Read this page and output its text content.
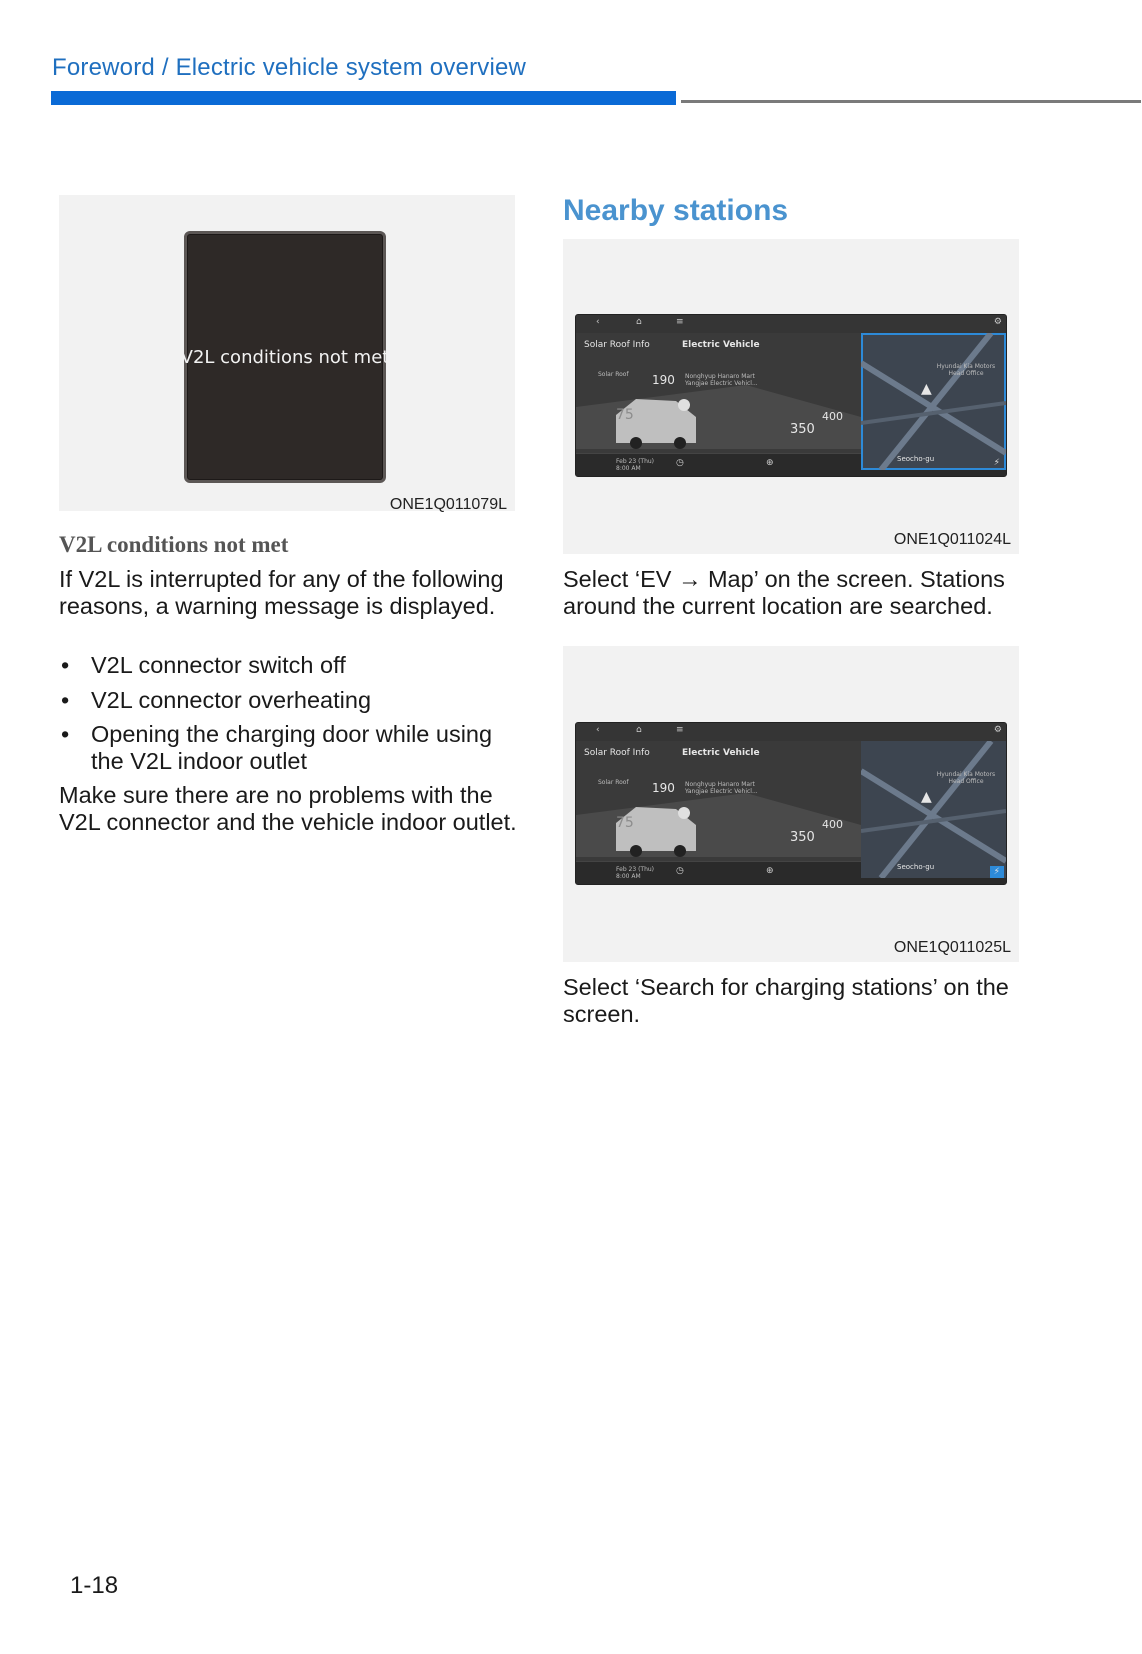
Foreword / Electric vehicle system overview
V2L conditions not met
ONE1Q011079L
V2L conditions not met
If V2L is interrupted for any of the following reasons, a warning message is displayed.
• V2L connector switch off
• V2L connector overheating
• Opening the charging door while using the V2L indoor outlet
Make sure there are no problems with the V2L connector and the vehicle indoor outlet.
Nearby stations
‹	⌂	≡	⚙
Solar Roof Info	Electric Vehicle
Solar Roof
75
190 Nonghyup Hanaro Mart Yangjae Electric Vehicl...
400
350
Feb 23 (Thu) 8:00 AM
◷	⊕
Hyundai Kia Motors Head Office
▲
Seocho-gu	⚡
ONE1Q011024L
Select ‘EV → Map’ on the screen. Stations around the current location are searched.
‹	⌂	≡	⚙
Solar Roof Info	Electric Vehicle
Solar Roof
75
190 Nonghyup Hanaro Mart Yangjae Electric Vehicl...
400
350
Feb 23 (Thu) 8:00 AM
◷	⊕
Hyundai Kia Motors Head Office
▲
Seocho-gu	⚡
ONE1Q011025L
Select ‘Search for charging stations’ on the screen.
1-18
